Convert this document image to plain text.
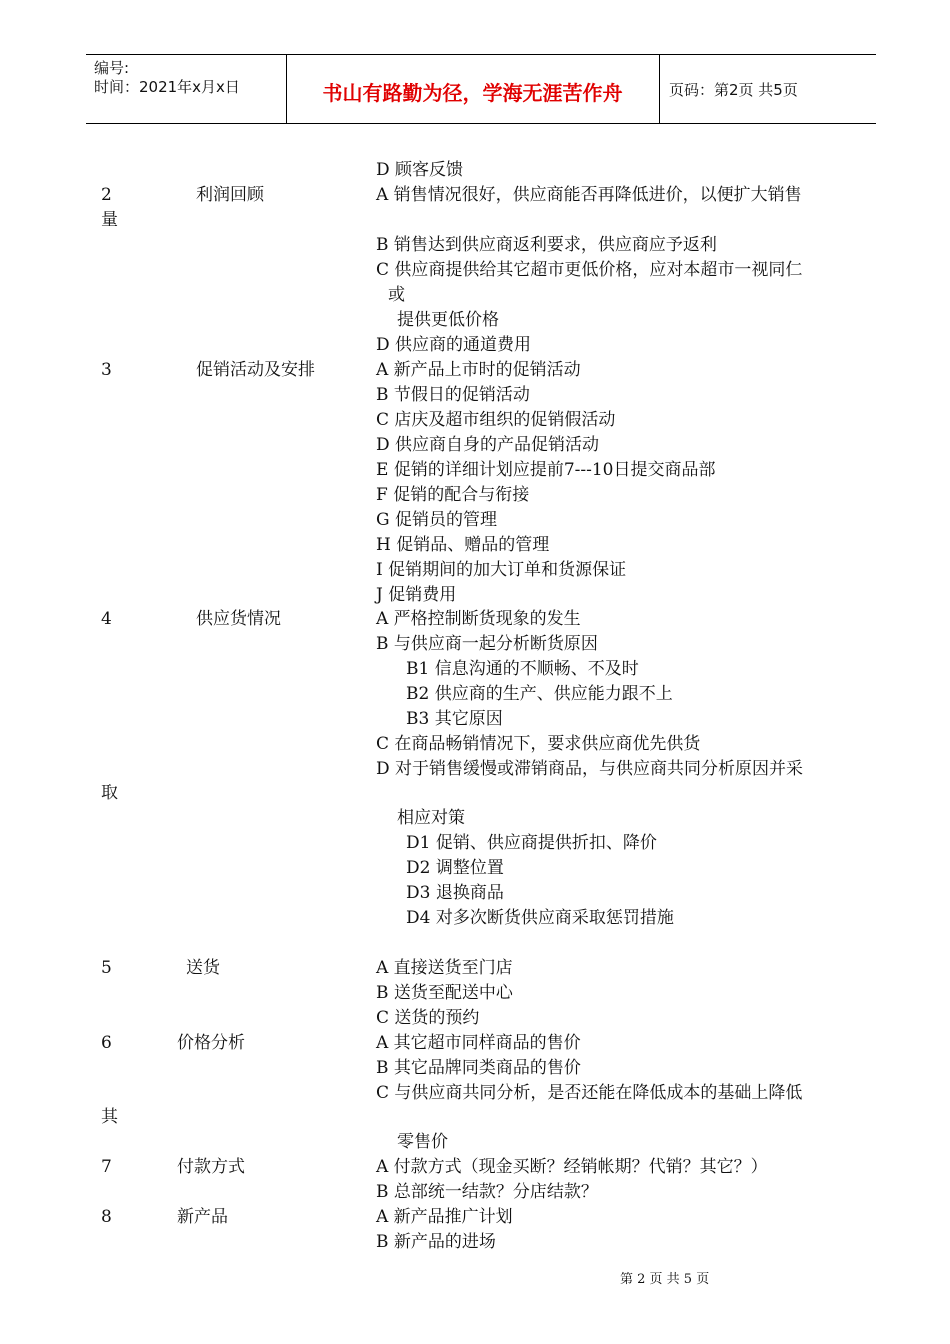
编号:
时间：2021年x月x日	书山有路勤为径，学海无涯苦作舟	页码：第2页 共5页
D 顾客反馈
2	利润回顾	A 销售情况很好，供应商能否再降低进价，以便扩大销售
量
B 销售达到供应商返利要求，供应商应予返利
C 供应商提供给其它超市更低价格，应对本超市一视同仁
或
提供更低价格
D 供应商的通道费用
3	促销活动及安排	A 新产品上市时的促销活动
B 节假日的促销活动
C 店庆及超市组织的促销假活动
D 供应商自身的产品促销活动
E 促销的详细计划应提前7---10日提交商品部
F 促销的配合与衔接
G 促销员的管理
H 促销品、赠品的管理
I 促销期间的加大订单和货源保证
J 促销费用
4	供应货情况	A 严格控制断货现象的发生
B 与供应商一起分析断货原因
B1 信息沟通的不顺畅、不及时
B2 供应商的生产、供应能力跟不上
B3 其它原因
C 在商品畅销情况下，要求供应商优先供货
D 对于销售缓慢或滞销商品，与供应商共同分析原因并采
取
相应对策
D1 促销、供应商提供折扣、降价
D2 调整位置
D3 退换商品
D4 对多次断货供应商采取惩罚措施
5	送货	A 直接送货至门店
B 送货至配送中心
C 送货的预约
6	价格分析	A 其它超市同样商品的售价
B 其它品牌同类商品的售价
C 与供应商共同分析，是否还能在降低成本的基础上降低
其
零售价
7	付款方式	A 付款方式（现金买断？经销帐期？代销？其它？）
B 总部统一结款？分店结款？
8	新产品	A 新产品推广计划
B 新产品的进场
第 2 页 共 5 页
